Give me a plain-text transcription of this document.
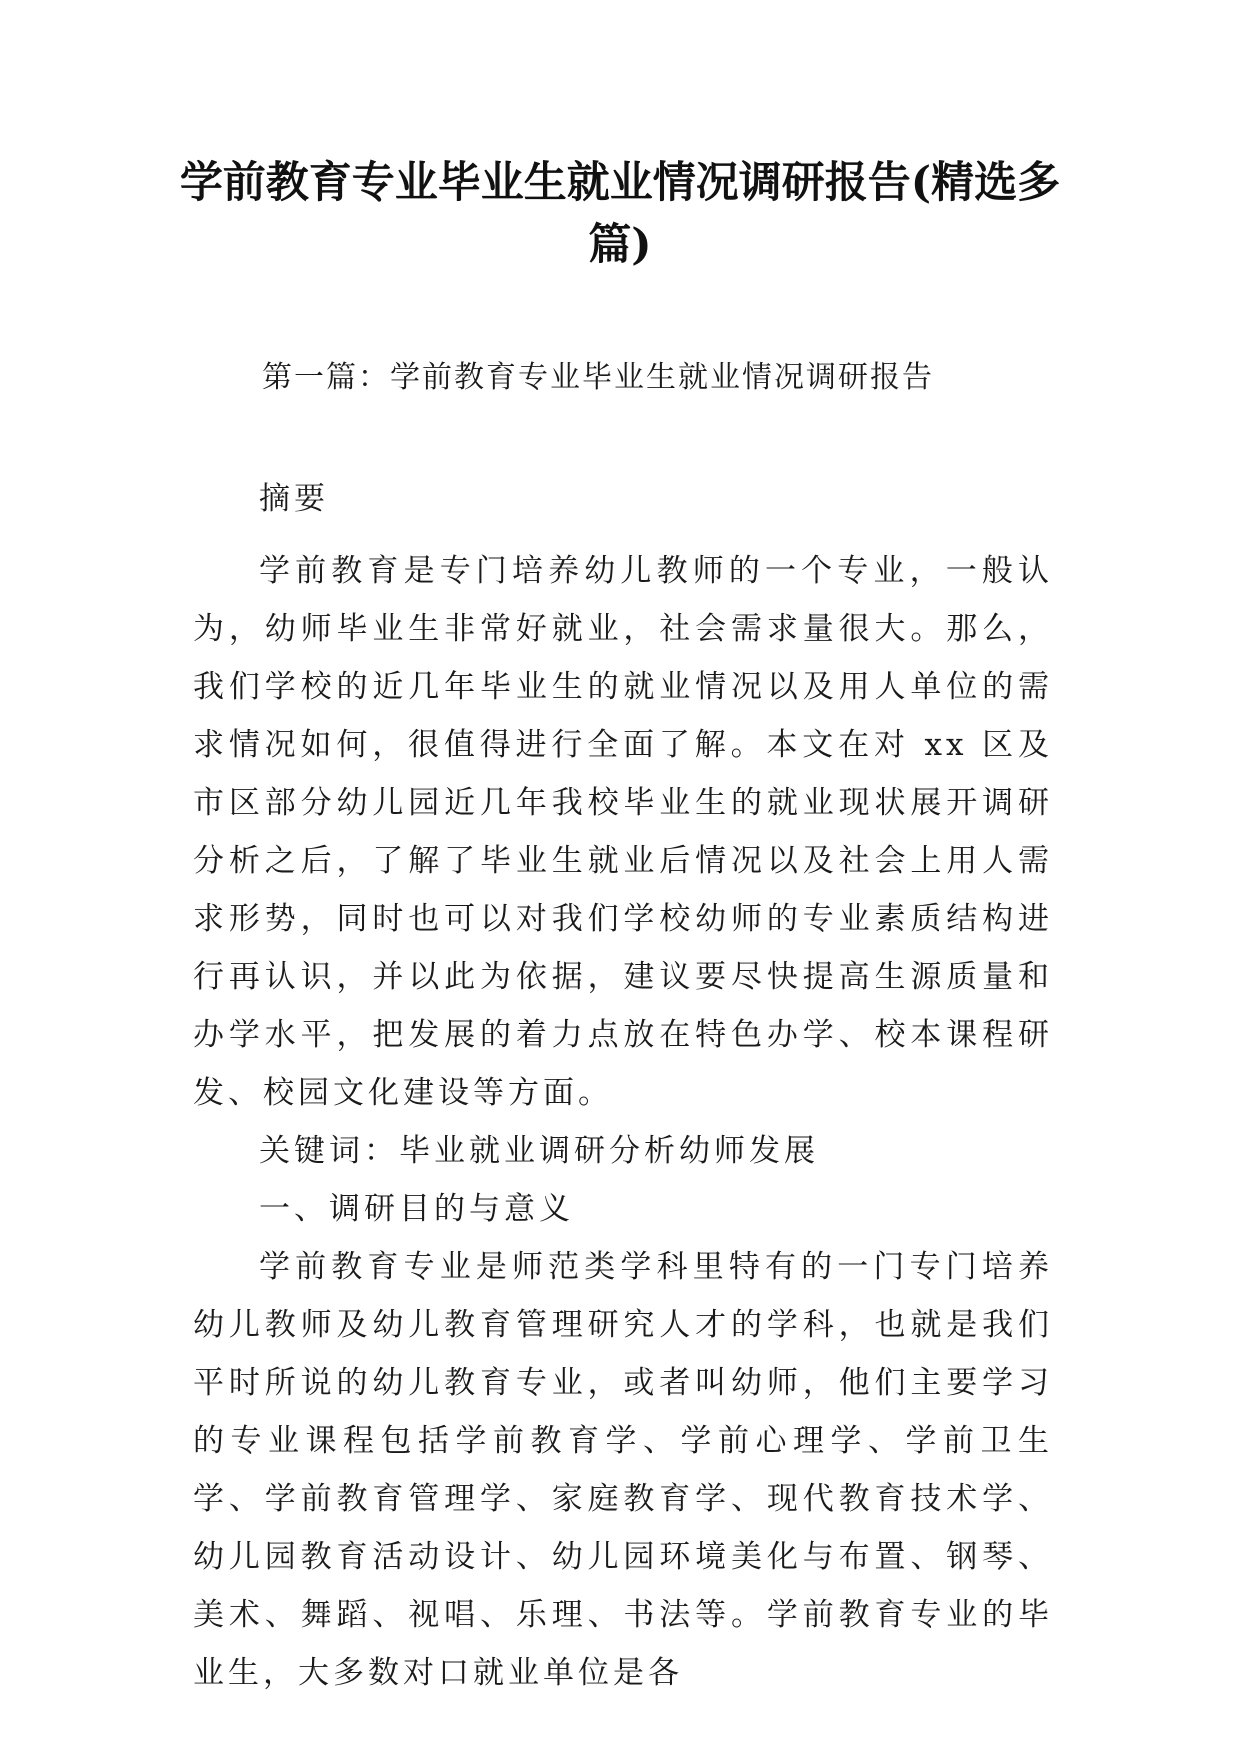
学前教育专业毕业生就业情况调研报告(精选多篇)
第一篇：学前教育专业毕业生就业情况调研报告

摘要

学前教育是专门培养幼儿教师的一个专业，一般认为，幼师毕业生非常好就业，社会需求量很大。那么，我们学校的近几年毕业生的就业情况以及用人单位的需求情况如何，很值得进行全面了解。本文在对 xx 区及市区部分幼儿园近几年我校毕业生的就业现状展开调研分析之后，了解了毕业生就业后情况以及社会上用人需求形势，同时也可以对我们学校幼师的专业素质结构进行再认识，并以此为依据，建议要尽快提高生源质量和办学水平，把发展的着力点放在特色办学、校本课程研发、校园文化建设等方面。

关键词：毕业就业调研分析幼师发展

一、调研目的与意义

学前教育专业是师范类学科里特有的一门专门培养幼儿教师及幼儿教育管理研究人才的学科，也就是我们平时所说的幼儿教育专业，或者叫幼师，他们主要学习的专业课程包括学前教育学、学前心理学、学前卫生学、学前教育管理学、家庭教育学、现代教育技术学、幼儿园教育活动设计、幼儿园环境美化与布置、钢琴、美术、舞蹈、视唱、乐理、书法等。学前教育专业的毕业生，大多数对口就业单位是各
